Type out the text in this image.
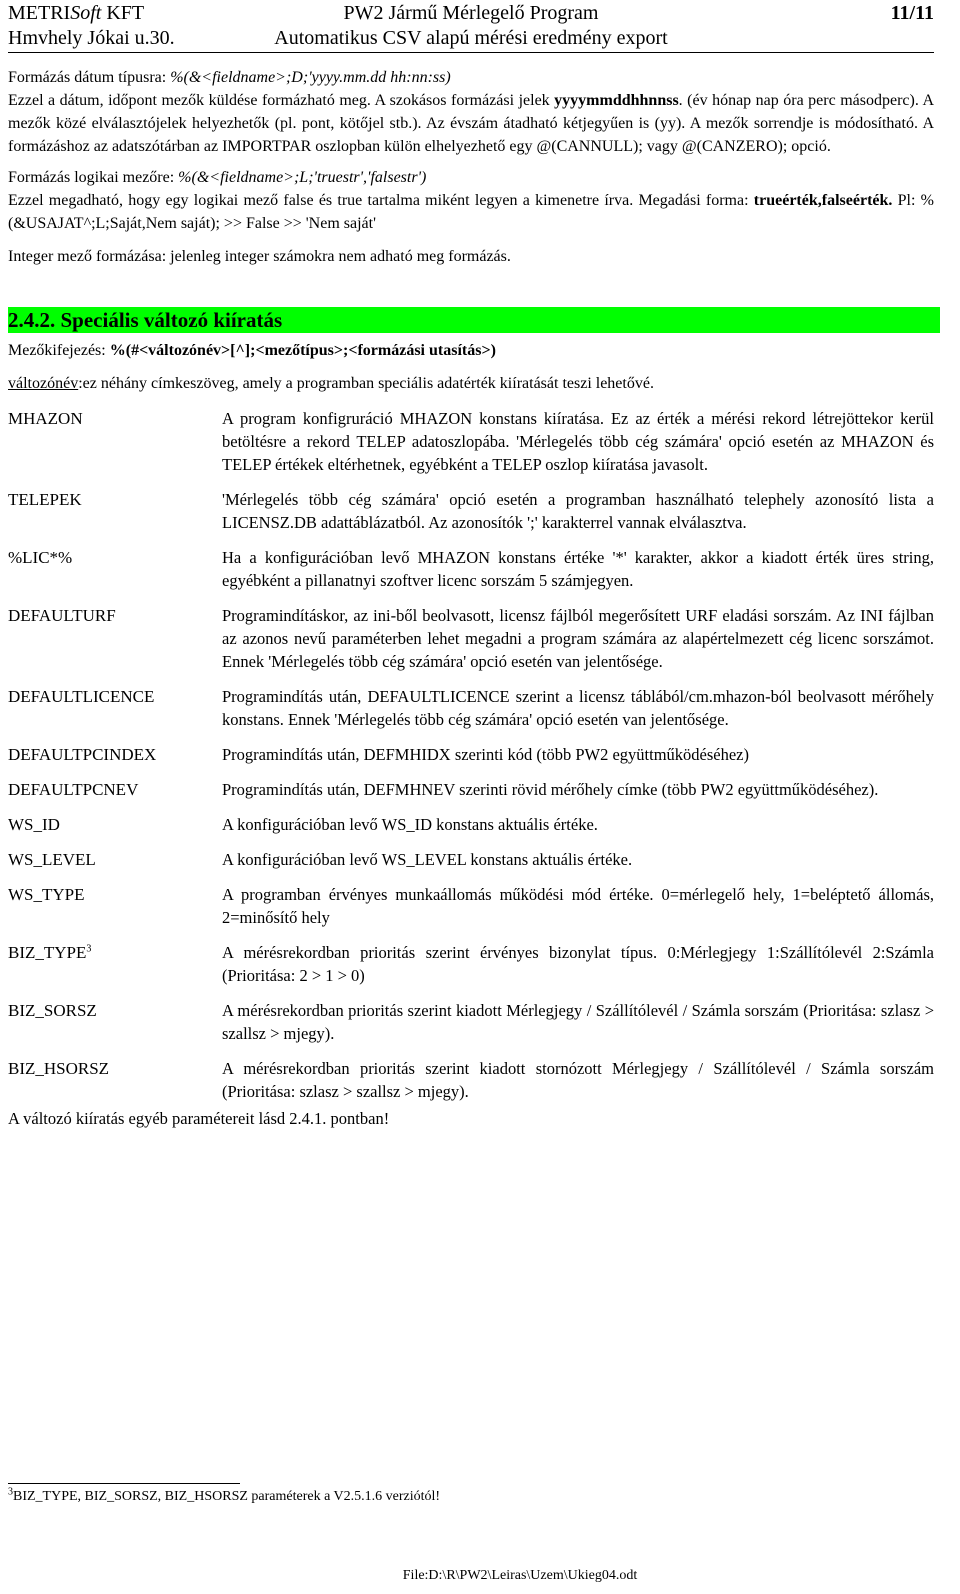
METRISoft KFT
Hmvhely Jókai u.30.
PW2 Jármű Mérlegelő Program
Automatikus CSV alapú mérési eredmény export
11/11

Formázás dátum típusra: %(&<fieldname>;D;'yyyy.mm.dd hh:nn:ss)

Ezzel a dátum, időpont mezők küldése formázható meg. A szokásos formázási jelek yyyymmddhhnnss. (év hónap nap óra perc másodperc). A mezők közé elválasztójelek helyezhetők (pl. pont, kötőjel stb.). Az évszám átadható kétjegyűen is (yy). A mezők sorrendje is módosítható. A formázáshoz az adatszótárban az IMPORTPAR oszlopban külön elhelyezhető egy @(CANNULL); vagy @(CANZERO); opció.

Formázás logikai mezőre: %(&<fieldname>;L;'truestr','falsestr')

Ezzel megadható, hogy egy logikai mező false és true tartalma miként legyen a kimenetre írva. Megadási forma: trueérték,falseérték. Pl: %(&USAJAT^;L;Saját,Nem saját); >> False >> 'Nem saját'

Integer mező formázása: jelenleg integer számokra nem adható meg formázás.

2.4.2. Speciális változó kiíratás

Mezőkifejezés: %(#<változónév>[^];<mezőtípus>;<formázási utasítás>)

változónév:ez néhány címkeszöveg, amely a programban speciális adatérték kiíratását teszi lehetővé.

MHAZON	A program konfigruráció MHAZON konstans kiíratása. Ez az érték a mérési rekord létrejöttekor kerül betöltésre a rekord TELEP adatoszlopába. 'Mérlegelés több cég számára' opció esetén az MHAZON és TELEP értékek eltérhetnek, egyébként a TELEP oszlop kiíratása javasolt.
TELEPEK	'Mérlegelés több cég számára' opció esetén a programban használható telephely azonosító lista a LICENSZ.DB adattáblázatból. Az azonosítók ';' karakterrel vannak elválasztva.
%LIC*%	Ha a konfigurációban levő MHAZON konstans értéke '*' karakter, akkor a kiadott érték üres string, egyébként a pillanatnyi szoftver licenc sorszám 5 számjegyen.
DEFAULTURF	Programindításkor, az ini-ből beolvasott, licensz fájlból megerősített URF eladási sorszám. Az INI fájlban az azonos nevű paraméterben lehet megadni a program számára az alapértelmezett cég licenc sorszámot. Ennek 'Mérlegelés több cég számára' opció esetén van jelentősége.
DEFAULTLICENCE	Programindítás után, DEFAULTLICENCE szerint a licensz táblából/cm.mhazon-ból beolvasott mérőhely konstans. Ennek 'Mérlegelés több cég számára' opció esetén van jelentősége.
DEFAULTPCINDEX	Programindítás után, DEFMHIDX szerinti kód (több PW2 együttműködéséhez)
DEFAULTPCNEV	Programindítás után, DEFMHNEV szerinti rövid mérőhely címke (több PW2 együttműködéséhez).
WS_ID	A konfigurációban levő WS_ID konstans aktuális értéke.
WS_LEVEL	A konfigurációban levő WS_LEVEL konstans aktuális értéke.
WS_TYPE	A programban érvényes munkaállomás működési mód értéke. 0=mérlegelő hely, 1=beléptető állomás, 2=minősítő hely
BIZ_TYPE$^3$	A mérésrekordban prioritás szerint érvényes bizonylat típus. 0:Mérlegjegy 1:Szállítólevél 2:Számla (Prioritása: 2 > 1 > 0)
BIZ_SORSZ	A mérésrekordban prioritás szerint kiadott Mérlegjegy / Szállítólevél / Számla sorszám (Prioritása: szlasz > szallsz > mjegy).
BIZ_HSORSZ	A mérésrekordban prioritás szerint kiadott stornózott Mérlegjegy / Szállítólevél / Számla sorszám (Prioritása: szlasz > szallsz > mjegy).

A változó kiíratás egyéb paramétereit lásd 2.4.1. pontban!

$^3$BIZ_TYPE, BIZ_SORSZ, BIZ_HSORSZ paraméterek a V2.5.1.6 verziótól!
File:D:\R\PW2\Leiras\Uzem\Ukieg04.odt
